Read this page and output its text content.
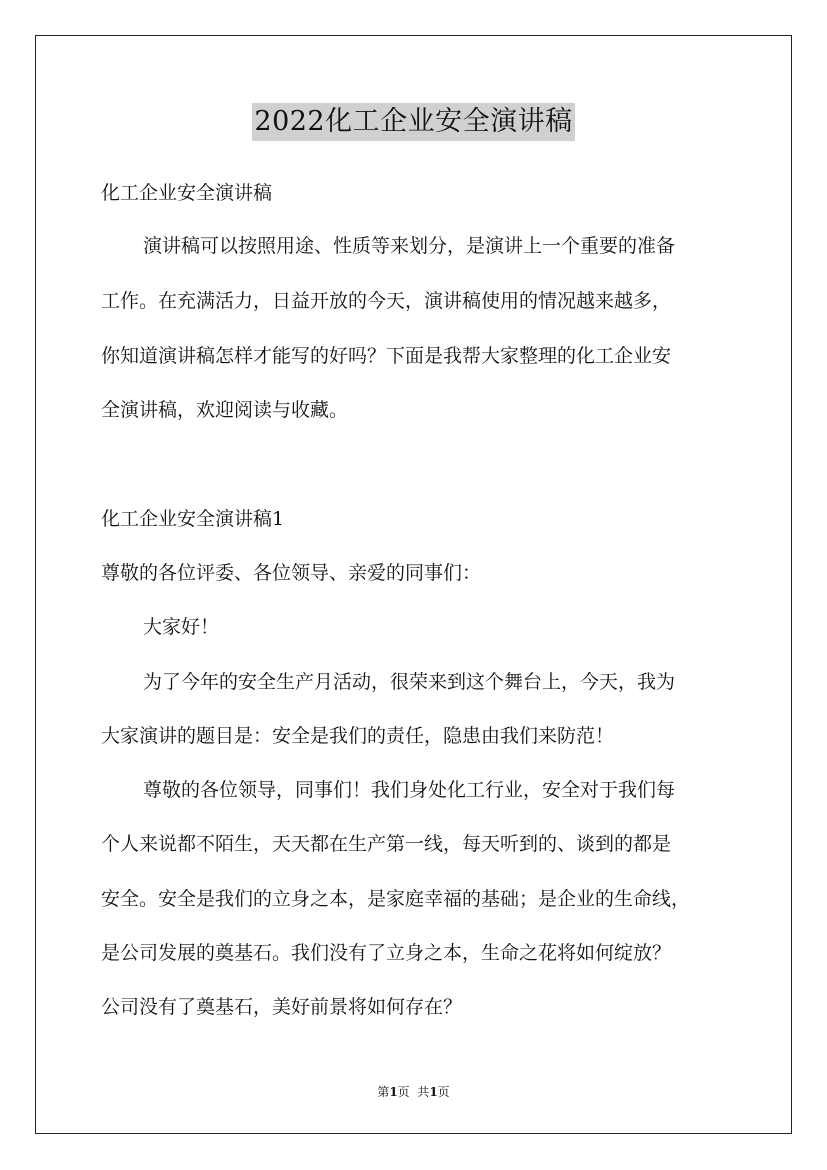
2022化工企业安全演讲稿
化工企业安全演讲稿
演讲稿可以按照用途、性质等来划分，是演讲上一个重要的准备
工作。在充满活力，日益开放的今天，演讲稿使用的情况越来越多，
你知道演讲稿怎样才能写的好吗？下面是我帮大家整理的化工企业安
全演讲稿，欢迎阅读与收藏。
化工企业安全演讲稿1
尊敬的各位评委、各位领导、亲爱的同事们：
大家好！
为了今年的安全生产月活动，很荣来到这个舞台上，今天，我为
大家演讲的题目是：安全是我们的责任，隐患由我们来防范！
尊敬的各位领导，同事们！我们身处化工行业，安全对于我们每
个人来说都不陌生，天天都在生产第一线，每天听到的、谈到的都是
安全。安全是我们的立身之本，是家庭幸福的基础；是企业的生命线，
是公司发展的奠基石。我们没有了立身之本，生命之花将如何绽放？
公司没有了奠基石，美好前景将如何存在？
第1页  共1页
